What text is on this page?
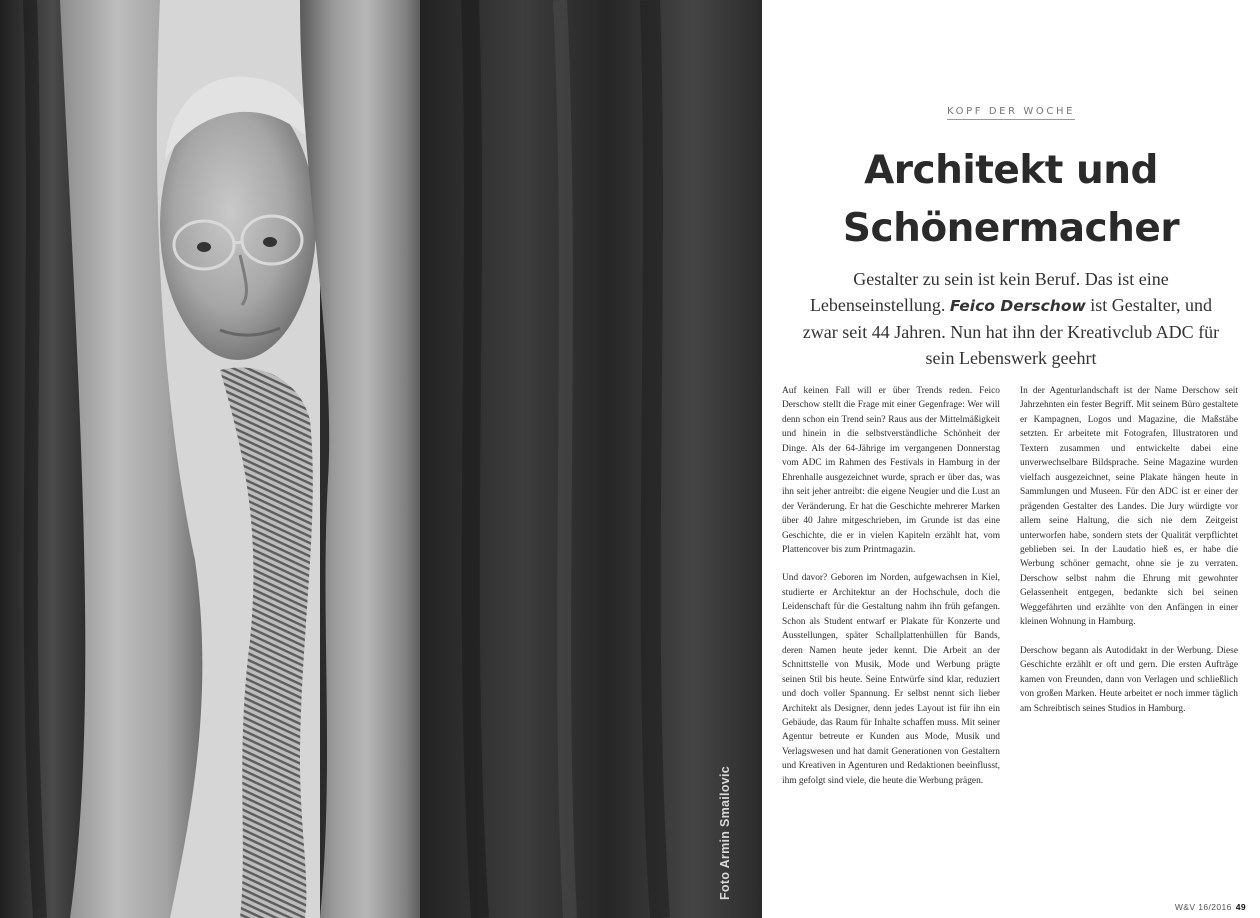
Foto Armin Smailovic
KOPF DER WOCHE
Architekt und
Schönermacher

Gestalter zu sein ist kein Beruf. Das ist eine Lebenseinstellung. Feico Derschow ist Gestalter, und zwar seit 44 Jahren. Nun hat ihn der Kreativclub ADC für sein Lebenswerk geehrt

Auf keinen Fall will er über Trends reden. Feico Derschow stellt die Frage mit einer Gegenfrage: Wer will denn schon ein Trend sein? Raus aus der Mittelmäßigkeit und hinein in die selbstverständliche Schönheit der Dinge. Als der 64-Jährige im vergangenen Donnerstag vom ADC im Rahmen des Festivals in Hamburg in der Ehrenhalle ausgezeichnet wurde, sprach er über das, was ihn seit jeher antreibt: die eigene Neugier und die Lust an der Veränderung. Er hat die Geschichte mehrerer Marken über 40 Jahre mitgeschrieben, im Grunde ist das eine Geschichte, die er in vielen Kapiteln erzählt hat, vom Plattencover bis zum Printmagazin.

Und davor? Geboren im Norden, aufgewachsen in Kiel, studierte er Architektur an der Hochschule, doch die Leidenschaft für die Gestaltung nahm ihn früh gefangen. Schon als Student entwarf er Plakate für Konzerte und Ausstellungen, später Schallplattenhüllen für Bands, deren Namen heute jeder kennt. Die Arbeit an der Schnittstelle von Musik, Mode und Werbung prägte seinen Stil bis heute. Seine Entwürfe sind klar, reduziert und doch voller Spannung. Er selbst nennt sich lieber Architekt als Designer, denn jedes Layout ist für ihn ein Gebäude, das Raum für Inhalte schaffen muss. Mit seiner Agentur betreute er Kunden aus Mode, Musik und Verlagswesen und hat damit Generationen von Gestaltern und Kreativen in Agenturen und Redaktionen beeinflusst, ihm gefolgt sind viele, die heute die Werbung prägen.

In der Agenturlandschaft ist der Name Derschow seit Jahrzehnten ein fester Begriff. Mit seinem Büro gestaltete er Kampagnen, Logos und Magazine, die Maßstäbe setzten. Er arbeitete mit Fotografen, Illustratoren und Textern zusammen und entwickelte dabei eine unverwechselbare Bildsprache. Seine Magazine wurden vielfach ausgezeichnet, seine Plakate hängen heute in Sammlungen und Museen. Für den ADC ist er einer der prägenden Gestalter des Landes. Die Jury würdigte vor allem seine Haltung, die sich nie dem Zeitgeist unterworfen habe, sondern stets der Qualität verpflichtet geblieben sei. In der Laudatio hieß es, er habe die Werbung schöner gemacht, ohne sie je zu verraten. Derschow selbst nahm die Ehrung mit gewohnter Gelassenheit entgegen, bedankte sich bei seinen Weggefährten und erzählte von den Anfängen in einer kleinen Wohnung in Hamburg.

Derschow begann als Autodidakt in der Werbung. Diese Geschichte erzählt er oft und gern. Die ersten Aufträge kamen von Freunden, dann von Verlagen und schließlich von großen Marken. Heute arbeitet er noch immer täglich am Schreibtisch seines Studios in Hamburg.

W&V 16/2016 49
